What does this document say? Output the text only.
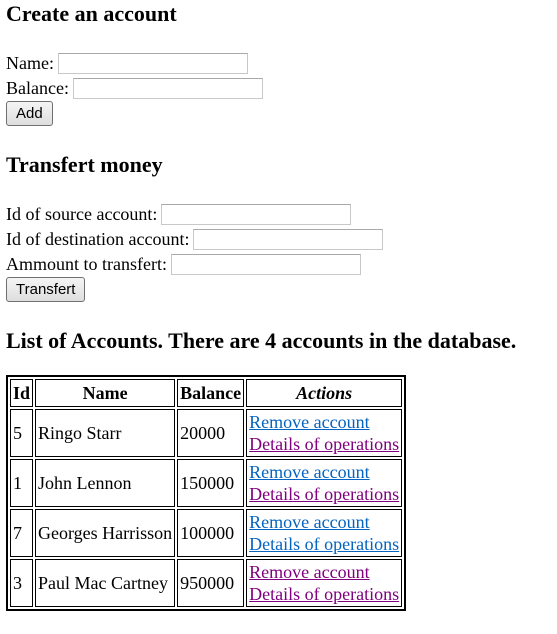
Create an account
Name:
Balance:
Add
Transfert money
Id of source account:
Id of destination account:
Ammount to transfert:
Transfert
List of Accounts. There are 4 accounts in the database.
Id	Name	Balance	Actions
5	Ringo Starr	20000	Remove account
Details of operations

1	John Lennon	150000	Remove account
Details of operations

7	Georges Harrisson	100000	Remove account
Details of operations

3	Paul Mac Cartney	950000	Remove account
Details of operations
